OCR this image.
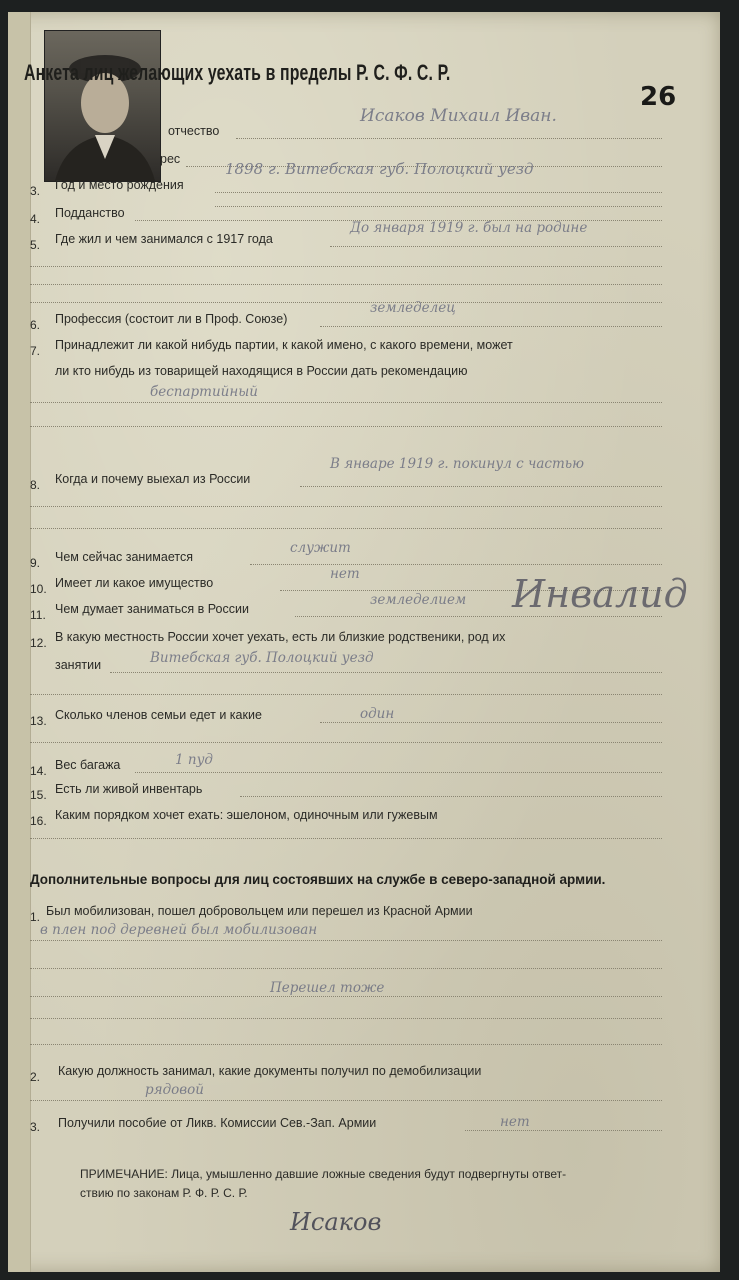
Анкета лиц желающих уехать в пределы Р. С. Ф. С. Р.
26
отчество
Исаков Михаил Иван.
рес
3. Год и место рождения
1898 г. Витебская губ. Полоцкий уезд
4. Подданство
5. Где жил и чем занимался с 1917 года
До января 1919 г. был на родине
6. Профессия (состоит ли в Проф. Союзе)
земледелец
7. Принадлежит ли какой нибудь партии, к какой имено, с какого времени, может
ли кто нибудь из товарищей находящися в России дать рекомендацию
беспартийный
8. Когда и почему выехал из России
В январе 1919 г. покинул с частью
9. Чем сейчас занимается
служит
10. Имеет ли какое имущество
нет
11. Чем думает заниматься в России
земледелием Инвалид
12. В какую местность России хочет уехать, есть ли близкие родственики, род их
занятии	Витебская губ. Полоцкий уезд
13. Сколько членов семьи едет и какие	один
14. Вес багажа	1 пуд
15. Есть ли живой инвентарь
16. Каким порядком хочет ехать: эшелоном, одиночным или гужевым
Дополнительные вопросы для лиц состоявших на службе в северо-западной армии.
1. Был мобилизован, пошел добровольцем или перешел из Красной Армии
в плен под деревней был мобилизован
Перешел тоже
2. Какую должность занимал, какие документы получил по демобилизации
рядовой
3. Получили пособие от Ликв. Комиссии Сев.-Зап. Армии	нет
ПРИМЕЧАНИЕ: Лица, умышленно давшие ложные сведения будут подвергнуты ответ-
ствию по законам Р. Ф. Р. С. Р.
Исаков
